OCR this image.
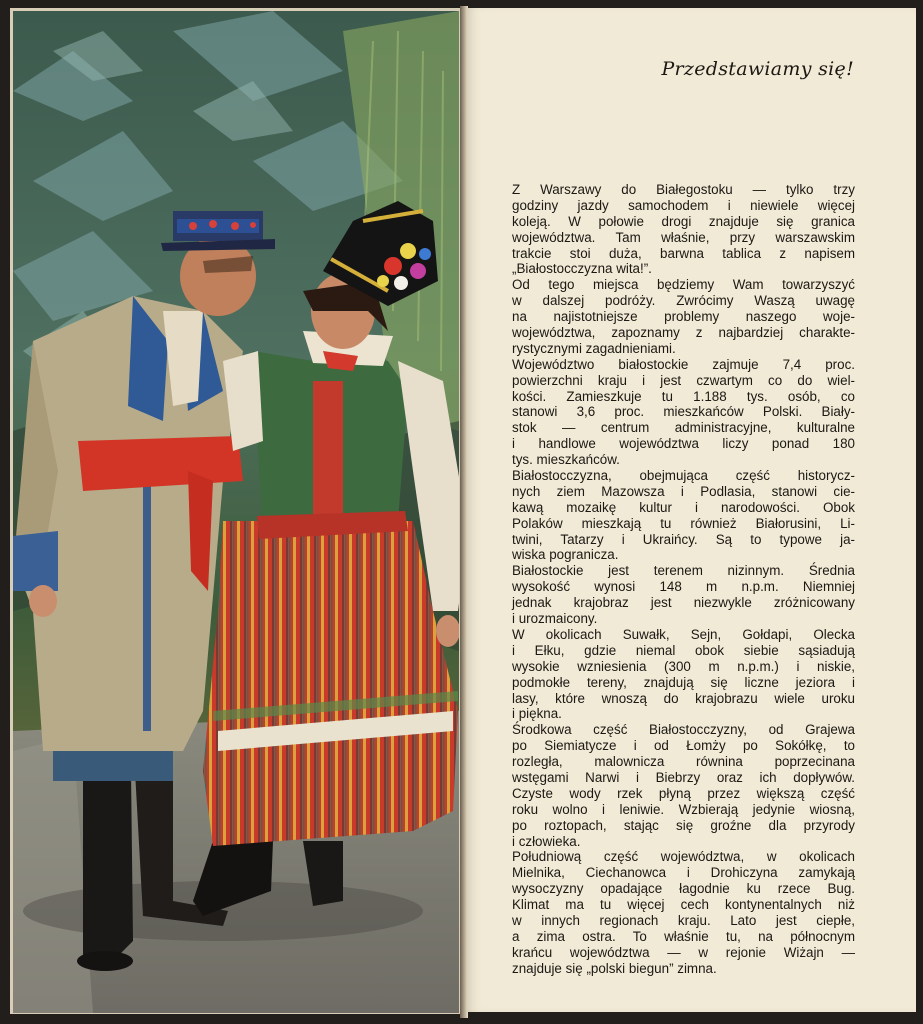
Przedstawiamy się!
Z Warszawy do Białegostoku — tylko trzy
godziny jazdy samochodem i niewiele więcej
koleją. W połowie drogi znajduje się granica
województwa. Tam właśnie, przy warszawskim
trakcie stoi duża, barwna tablica z napisem
„Białostocczyzna wita!”.
Od tego miejsca będziemy Wam towarzyszyć
w dalszej podróży. Zwrócimy Waszą uwagę
na najistotniejsze problemy naszego woje-
województwa, zapoznamy z najbardziej charakte-
rystycznymi zagadnieniami.
Województwo białostockie zajmuje 7,4 proc.
powierzchni kraju i jest czwartym co do wiel-
kości. Zamieszkuje tu 1.188 tys. osób, co
stanowi 3,6 proc. mieszkańców Polski. Biały-
stok — centrum administracyjne, kulturalne
i handlowe województwa liczy ponad 180
tys. mieszkańców.
Białostocczyzna, obejmująca część historycz-
nych ziem Mazowsza i Podlasia, stanowi cie-
kawą mozaikę kultur i narodowości. Obok
Polaków mieszkają tu również Białorusini, Li-
twini, Tatarzy i Ukraińcy. Są to typowe ja-
wiska pogranicza.
Białostockie jest terenem nizinnym. Średnia
wysokość wynosi 148 m n.p.m. Niemniej
jednak krajobraz jest niezwykle zróżnicowany
i urozmaicony.
W okolicach Suwałk, Sejn, Gołdapi, Olecka
i Ełku, gdzie niemal obok siebie sąsiadują
wysokie wzniesienia (300 m n.p.m.) i niskie,
podmokłe tereny, znajdują się liczne jeziora i
lasy, które wnoszą do krajobrazu wiele uroku
i piękna.
Środkowa część Białostocczyzny, od Grajewa
po Siemiatycze i od Łomży po Sokółkę, to
rozległa, malownicza równina poprzecinana
wstęgami Narwi i Biebrzy oraz ich dopływów.
Czyste wody rzek płyną przez większą część
roku wolno i leniwie. Wzbierają jedynie wiosną,
po roztopach, stając się groźne dla przyrody
i człowieka.
Południową część województwa, w okolicach
Mielnika, Ciechanowca i Drohiczyna zamykają
wysoczyzny opadające łagodnie ku rzece Bug.
Klimat ma tu więcej cech kontynentalnych niż
w innych regionach kraju. Lato jest ciepłe,
a zima ostra. To właśnie tu, na północnym
krańcu województwa — w rejonie Wiżajn —
znajduje się „polski biegun” zimna.
